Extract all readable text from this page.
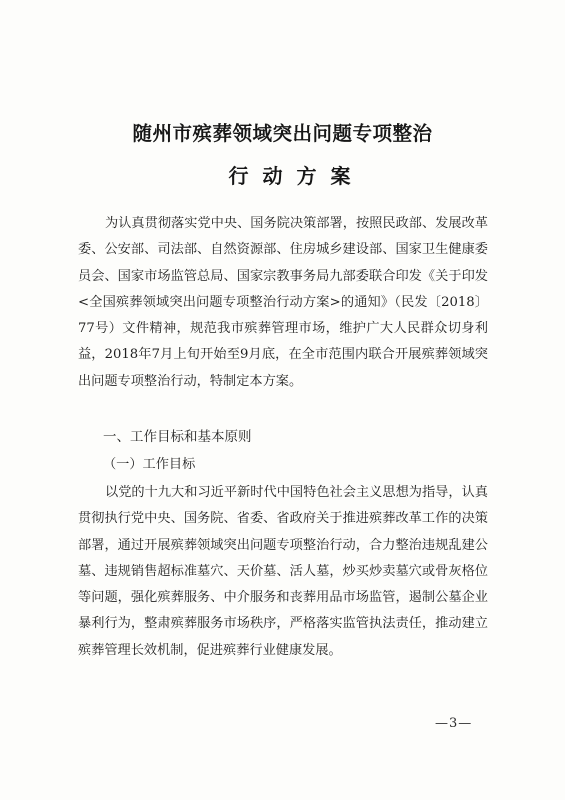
随州市殡葬领域突出问题专项整治
行动方案
为认真贯彻落实党中央、国务院决策部署，按照民政部、发展改革委、公安部、司法部、自然资源部、住房城乡建设部、国家卫生健康委员会、国家市场监管总局、国家宗教事务局九部委联合印发《关于印发<全国殡葬领域突出问题专项整治行动方案>的通知》（民发〔2018〕77号）文件精神，规范我市殡葬管理市场，维护广大人民群众切身利益，2018年7月上旬开始至9月底，在全市范围内联合开展殡葬领域突出问题专项整治行动，特制定本方案。
一、工作目标和基本原则
（一）工作目标
以党的十九大和习近平新时代中国特色社会主义思想为指导，认真贯彻执行党中央、国务院、省委、省政府关于推进殡葬改革工作的决策部署，通过开展殡葬领域突出问题专项整治行动，合力整治违规乱建公墓、违规销售超标准墓穴、天价墓、活人墓，炒买炒卖墓穴或骨灰格位等问题，强化殡葬服务、中介服务和丧葬用品市场监管，遏制公墓企业暴利行为，整肃殡葬服务市场秩序，严格落实监管执法责任，推动建立殡葬管理长效机制，促进殡葬行业健康发展。
—3—
